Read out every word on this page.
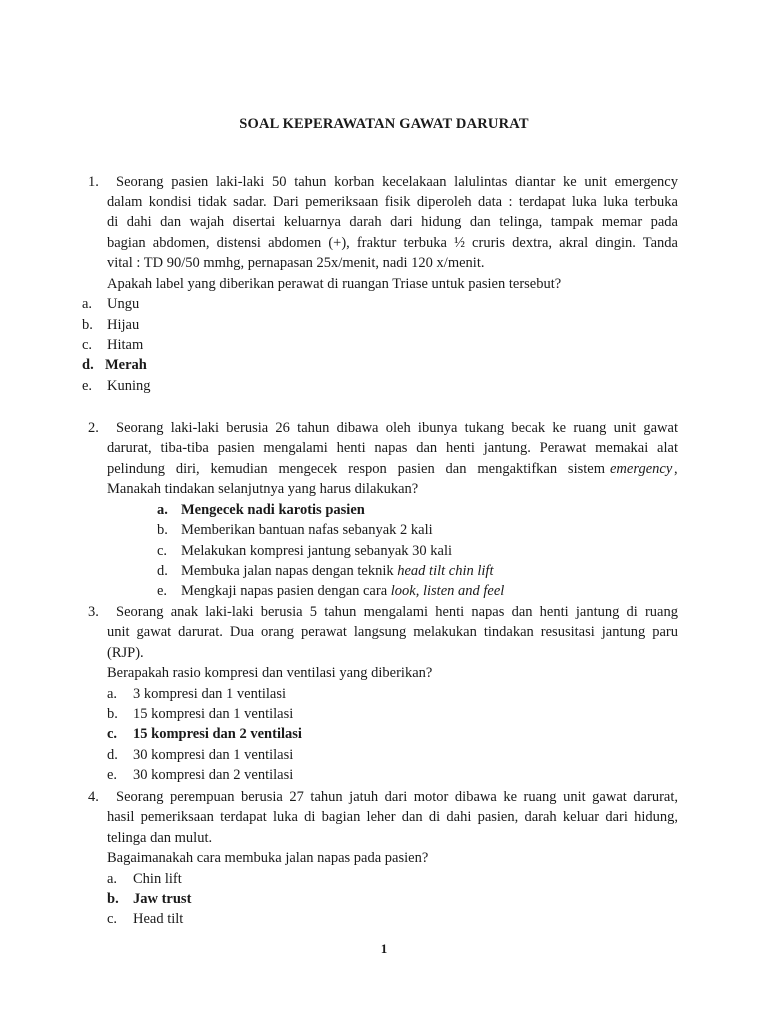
SOAL KEPERAWATAN GAWAT DARURAT
1. Seorang pasien laki-laki 50 tahun korban kecelakaan lalulintas diantar ke unit emergency
dalam kondisi tidak sadar. Dari pemeriksaan fisik diperoleh data : terdapat luka luka terbuka
di dahi dan wajah disertai keluarnya darah dari hidung dan telinga, tampak memar pada
bagian abdomen, distensi abdomen (+), fraktur terbuka ½ cruris dextra, akral dingin. Tanda
vital : TD 90/50 mmhg, pernapasan 25x/menit, nadi 120 x/menit.
Apakah label yang diberikan perawat di ruangan Triase untuk pasien tersebut?
a. Ungu
b. Hijau
c. Hitam
d. Merah
e. Kuning
2. Seorang laki-laki berusia 26 tahun dibawa oleh ibunya tukang becak ke ruang unit gawat
darurat, tiba-tiba pasien mengalami henti napas dan henti jantung. Perawat memakai alat
pelindung diri, kemudian mengecek respon pasien dan mengaktifkan sistem emergency ,
Manakah tindakan selanjutnya yang harus dilakukan?
a. Mengecek nadi karotis pasien
b. Memberikan bantuan nafas sebanyak 2 kali
c. Melakukan kompresi jantung sebanyak 30 kali
d. Membuka jalan napas dengan teknik head tilt chin lift
e. Mengkaji napas pasien dengan cara look, listen and feel
3. Seorang anak laki-laki berusia 5 tahun mengalami henti napas dan henti jantung di ruang
unit gawat darurat. Dua orang perawat langsung melakukan tindakan resusitasi jantung paru
(RJP).
Berapakah rasio kompresi dan ventilasi yang diberikan?
a. 3 kompresi dan 1 ventilasi
b. 15 kompresi dan 1 ventilasi
c. 15 kompresi dan 2 ventilasi
d. 30 kompresi dan 1 ventilasi
e. 30 kompresi dan 2 ventilasi
4. Seorang perempuan berusia 27 tahun jatuh dari motor dibawa ke ruang unit gawat darurat,
hasil pemeriksaan terdapat luka di bagian leher dan di dahi pasien, darah keluar dari hidung,
telinga dan mulut.
Bagaimanakah cara membuka jalan napas pada pasien?
a. Chin lift
b. Jaw trust
c. Head tilt
1
